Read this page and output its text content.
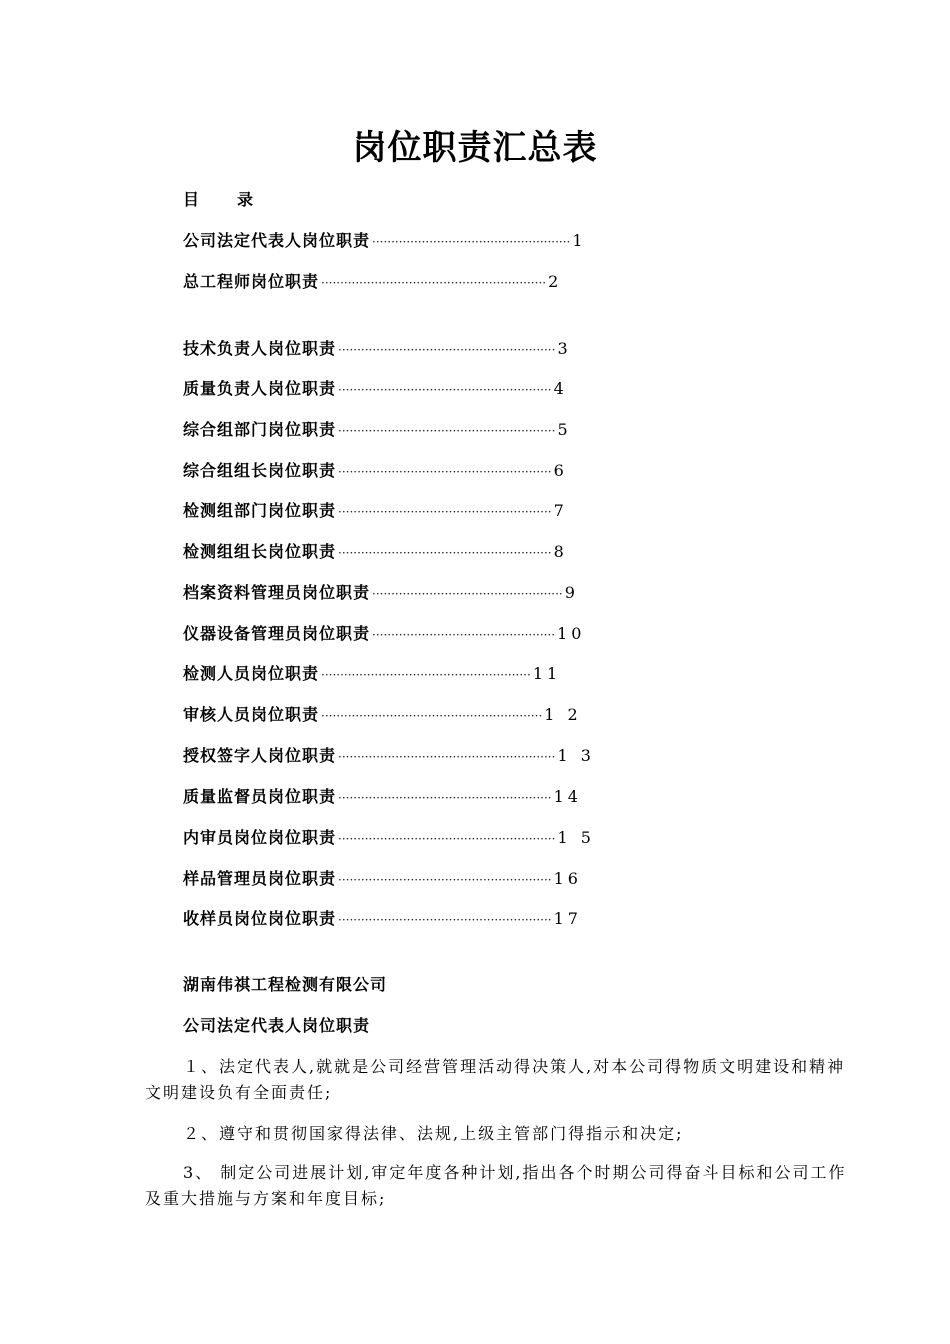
岗位职责汇总表
目录
公司法定代表人岗位职责 ···················································· 1
总工程师岗位职责 ··························································· 2
技术负责人岗位职责 ························································· 3
质量负责人岗位职责 ························································ 4
综合组部门岗位职责 ························································· 5
综合组组长岗位职责 ························································ 6
检测组部门岗位职责 ························································ 7
检测组组长岗位职责 ························································ 8
档案资料管理员岗位职责 ·················································· 9
仪器设备管理员岗位职责 ················································ 10
检测人员岗位职责 ······················································· 11
审核人员岗位职责 ·························································· 1 2
授权签字人岗位职责 ························································· 1 3
质量监督员岗位职责 ························································ 14
内审员岗位岗位职责 ························································· 1 5
样品管理员岗位职责 ························································ 16
收样员岗位岗位职责 ························································ 17
湖南伟祺工程检测有限公司
公司法定代表人岗位职责

１、法定代表人,就就是公司经营管理活动得决策人,对本公司得物质文明建设和精神文明建设负有全面责任;

２、遵守和贯彻国家得法律、法规,上级主管部门得指示和决定;

3、 制定公司进展计划,审定年度各种计划,指出各个时期公司得奋斗目标和公司工作及重大措施与方案和年度目标;
